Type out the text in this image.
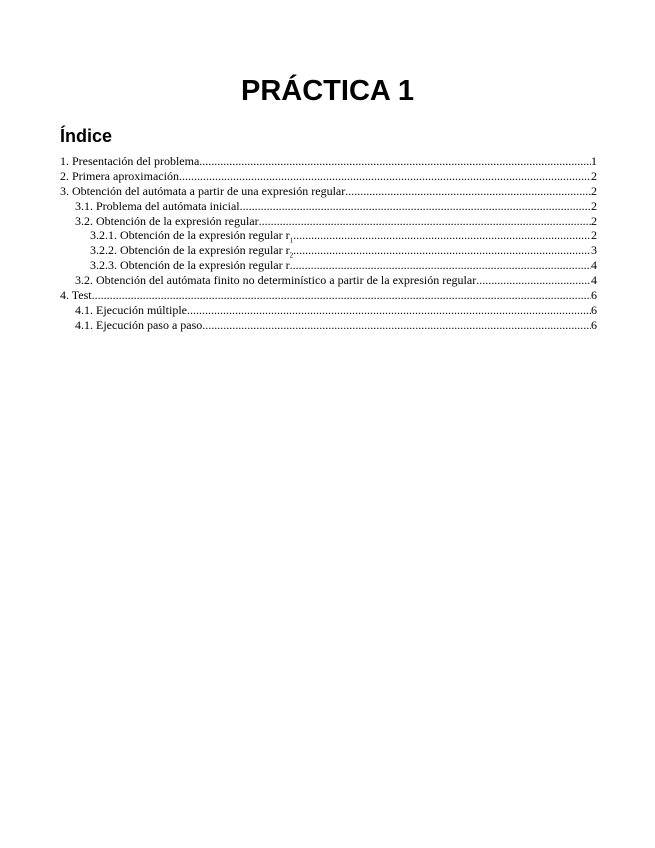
PRÁCTICA 1
Índice
1. Presentación del problema .....	1
2. Primera aproximación .....	2
3. Obtención del autómata a partir de una expresión regular .....	2
3.1. Problema del autómata inicial .....	2
3.2. Obtención de la expresión regular .....	2
3.2.1. Obtención de la expresión regular $r_1$ .....	2
3.2.2. Obtención de la expresión regular $r_2$ .....	3
3.2.3. Obtención de la expresión regular r .....	4
3.2. Obtención del autómata finito no determinístico a partir de la expresión regular .....	4
4. Test .....	6
4.1. Ejecución múltiple .....	6
4.1. Ejecución paso a paso .....	6
